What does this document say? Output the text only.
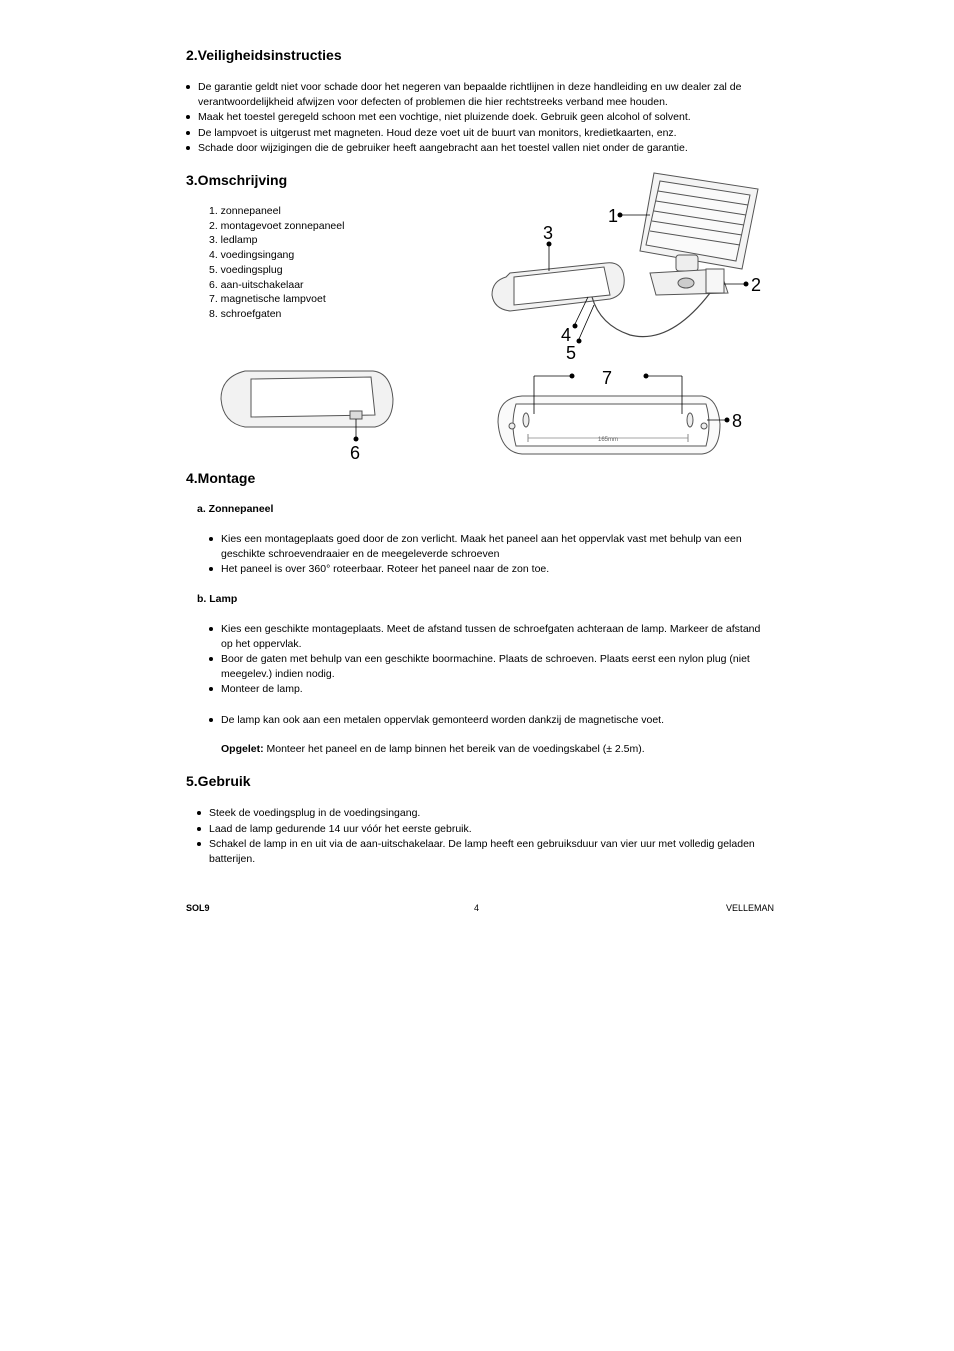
2.Veiligheidsinstructies
De garantie geldt niet voor schade door het negeren van bepaalde richtlijnen in deze handleiding en uw dealer zal de verantwoordelijkheid afwijzen voor defecten of problemen die hier rechtstreeks verband mee houden.
Maak het toestel geregeld schoon met een vochtige, niet pluizende doek. Gebruik geen alcohol of solvent.
De lampvoet is uitgerust met magneten. Houd deze voet uit de buurt van monitors, kredietkaarten, enz.
Schade door wijzigingen die de gebruiker heeft aangebracht aan het toestel vallen niet onder de garantie.
3.Omschrijving
1. zonnepaneel
2. montagevoet zonnepaneel
3. ledlamp
4. voedingsingang
5. voedingsplug
6. aan-uitschakelaar
7. magnetische lampvoet
8. schroefgaten
1
2
3
4
5
6
165mm
7
8
4.Montage
a. Zonnepaneel
Kies een montageplaats goed door de zon verlicht. Maak het paneel aan het oppervlak vast met behulp van een geschikte schroevendraaier en de meegeleverde schroeven
Het paneel is over 360° roteerbaar. Roteer het paneel naar de zon toe.
b. Lamp
Kies een geschikte montageplaats. Meet de afstand tussen de schroefgaten achteraan de lamp. Markeer de afstand op het oppervlak.
Boor de gaten met behulp van een geschikte boormachine. Plaats de schroeven. Plaats eerst een nylon plug (niet meegelev.) indien nodig.
Monteer de lamp.
De lamp kan ook aan een metalen oppervlak gemonteerd worden dankzij de magnetische voet.
Opgelet: Monteer het paneel en de lamp binnen het bereik van de voedingskabel (± 2.5m).
5.Gebruik
Steek de voedingsplug in de voedingsingang.
Laad de lamp gedurende 14 uur vóór het eerste gebruik.
Schakel de lamp in en uit via de aan-uitschakelaar. De lamp heeft een gebruiksduur van vier uur met volledig geladen batterijen.
SOL9	4	VELLEMAN
